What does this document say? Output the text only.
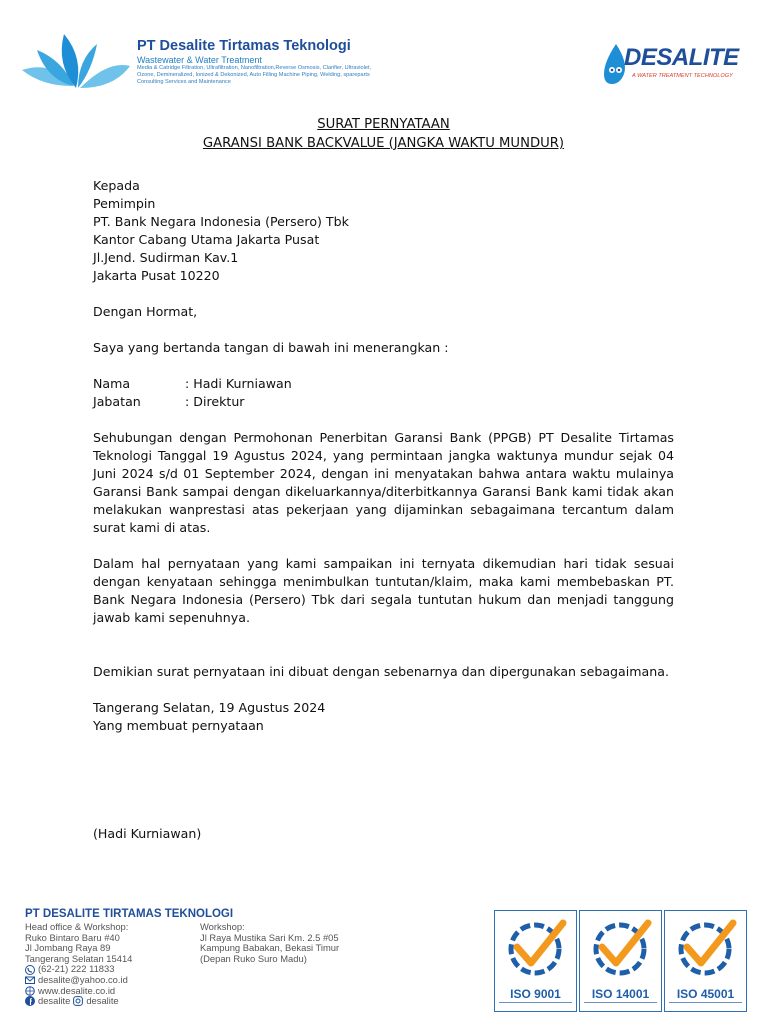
PT Desalite Tirtamas Teknologi
Wastewater & Water Treatment
Media & Catridge Filtration, Ultrafiltration, Nanofiltration,Reverse Osmosis, Clarifier, Ultraviolet, Ozone, Demineralized, Ionized & Dekonized, Auto Filling Machine Piping, Welding, spareparts Consulting Services and Maintenance
DESALITE
A WATER TREATMENT TECHNOLOGY
SURAT PERNYATAAN
GARANSI BANK BACKVALUE (JANGKA WAKTU MUNDUR)
Kepada
Pemimpin
PT. Bank Negara Indonesia (Persero) Tbk
Kantor Cabang Utama Jakarta Pusat
Jl.Jend. Sudirman Kav.1
Jakarta Pusat 10220
Dengan Hormat,
Saya yang bertanda tangan di bawah ini menerangkan :
Nama	: Hadi Kurniawan
Jabatan	: Direktur
Sehubungan dengan Permohonan Penerbitan Garansi Bank (PPGB) PT Desalite Tirtamas Teknologi Tanggal 19 Agustus 2024, yang permintaan jangka waktunya mundur sejak 04 Juni 2024 s/d 01 September 2024, dengan ini menyatakan bahwa antara waktu mulainya Garansi Bank sampai dengan dikeluarkannya/diterbitkannya Garansi Bank kami tidak akan melakukan wanprestasi atas pekerjaan yang dijaminkan sebagaimana tercantum dalam surat kami di atas.
Dalam hal pernyataan yang kami sampaikan ini ternyata dikemudian hari tidak sesuai dengan kenyataan sehingga menimbulkan tuntutan/klaim, maka kami membebaskan PT. Bank Negara Indonesia (Persero) Tbk dari segala tuntutan hukum dan menjadi tanggung jawab kami sepenuhnya.
Demikian surat pernyataan ini dibuat dengan sebenarnya dan dipergunakan sebagaimana.
Tangerang Selatan, 19 Agustus 2024
Yang membuat pernyataan
(Hadi Kurniawan)
PT DESALITE TIRTAMAS TEKNOLOGI
Head office & Workshop:
Ruko Bintaro Baru #40
Jl Jombang Raya 89
Tangerang Selatan 15414
(62-21) 222 11833
desalite@yahoo.co.id
www.desalite.co.id
desalite desalite
Workshop:
Jl Raya Mustika Sari Km. 2.5 #05
Kampung Babakan, Bekasi Timur
(Depan Ruko Suro Madu)
ISO 9001	ISO 14001	ISO 45001
